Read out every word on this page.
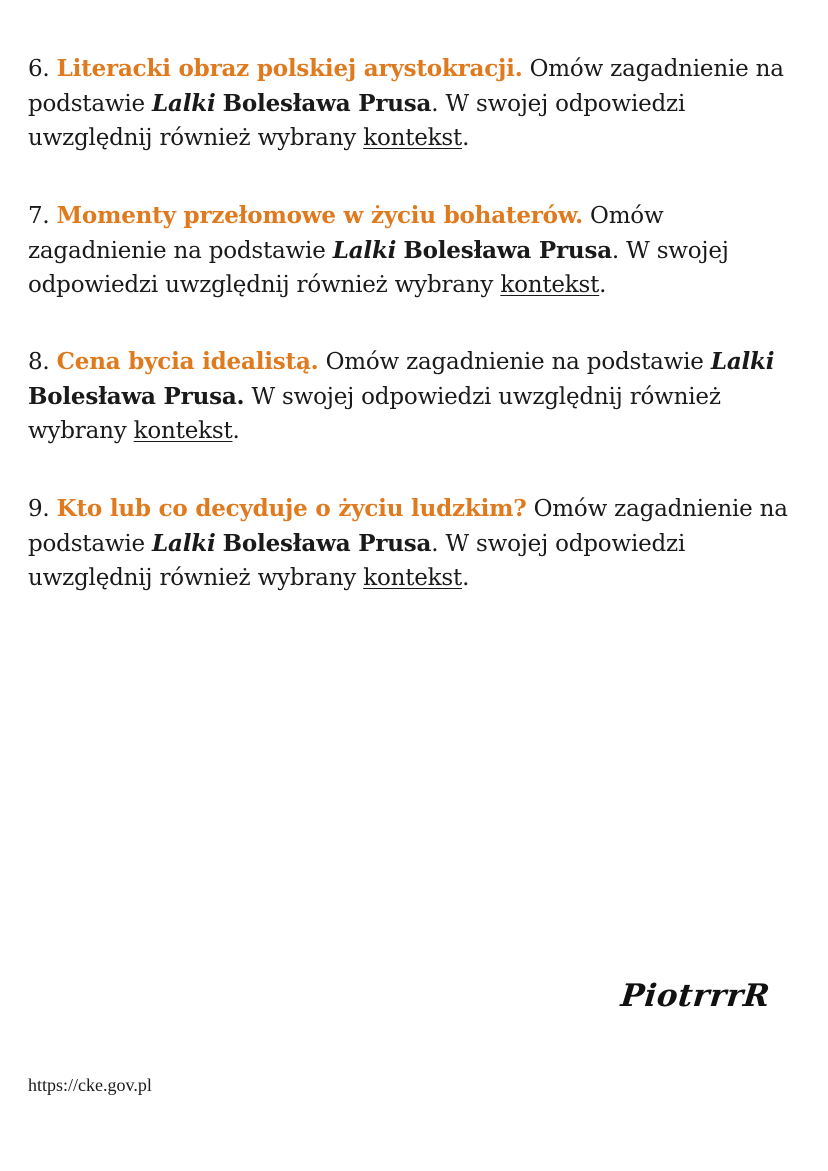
6. Literacki obraz polskiej arystokracji. Omów zagadnienie na podstawie Lalki Bolesława Prusa. W swojej odpowiedzi uwzględnij również wybrany kontekst.
7. Momenty przełomowe w życiu bohaterów. Omów zagadnienie na podstawie Lalki Bolesława Prusa. W swojej odpowiedzi uwzględnij również wybrany kontekst.
8. Cena bycia idealistą. Omów zagadnienie na podstawie Lalki Bolesława Prusa. W swojej odpowiedzi uwzględnij również wybrany kontekst.
9. Kto lub co decyduje o życiu ludzkim? Omów zagadnienie na podstawie Lalki Bolesława Prusa. W swojej odpowiedzi uwzględnij również wybrany kontekst.
PiotrrrR
https://cke.gov.pl
